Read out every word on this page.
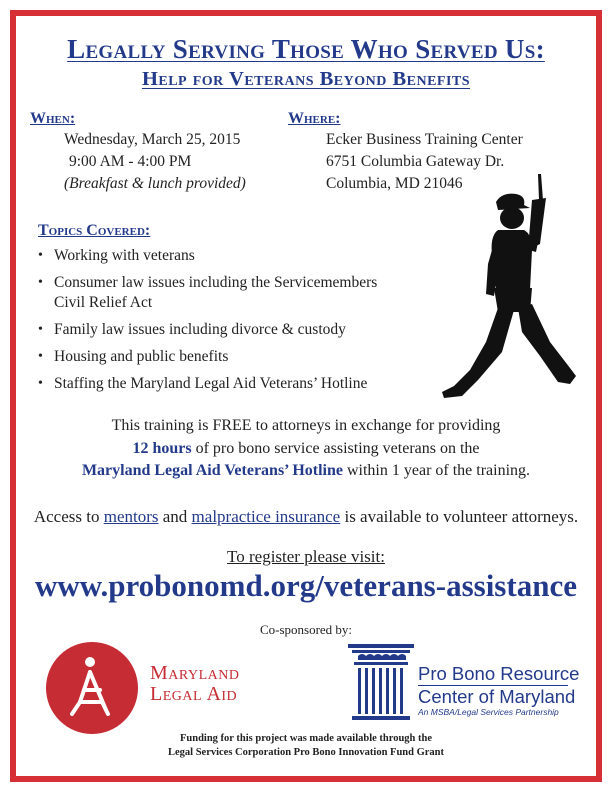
Legally Serving Those Who Served Us:
Help for Veterans Beyond Benefits
When:
Wednesday, March 25, 2015
9:00 AM - 4:00 PM
(Breakfast & lunch provided)
Where:
Ecker Business Training Center
6751 Columbia Gateway Dr.
Columbia, MD 21046
Topics Covered:
• Working with veterans
• Consumer law issues including the Servicemembers
Civil Relief Act
• Family law issues including divorce & custody
• Housing and public benefits
• Staffing the Maryland Legal Aid Veterans’ Hotline
This training is FREE to attorneys in exchange for providing
12 hours of pro bono service assisting veterans on the
Maryland Legal Aid Veterans’ Hotline within 1 year of the training.
Access to mentors and malpractice insurance is available to volunteer attorneys.
To register please visit:
www.probonomd.org/veterans-assistance
Co-sponsored by:
Maryland
Legal Aid
Pro Bono Resource
Center of Maryland
An MSBA/Legal Services Partnership
Funding for this project was made available through the
Legal Services Corporation Pro Bono Innovation Fund Grant
